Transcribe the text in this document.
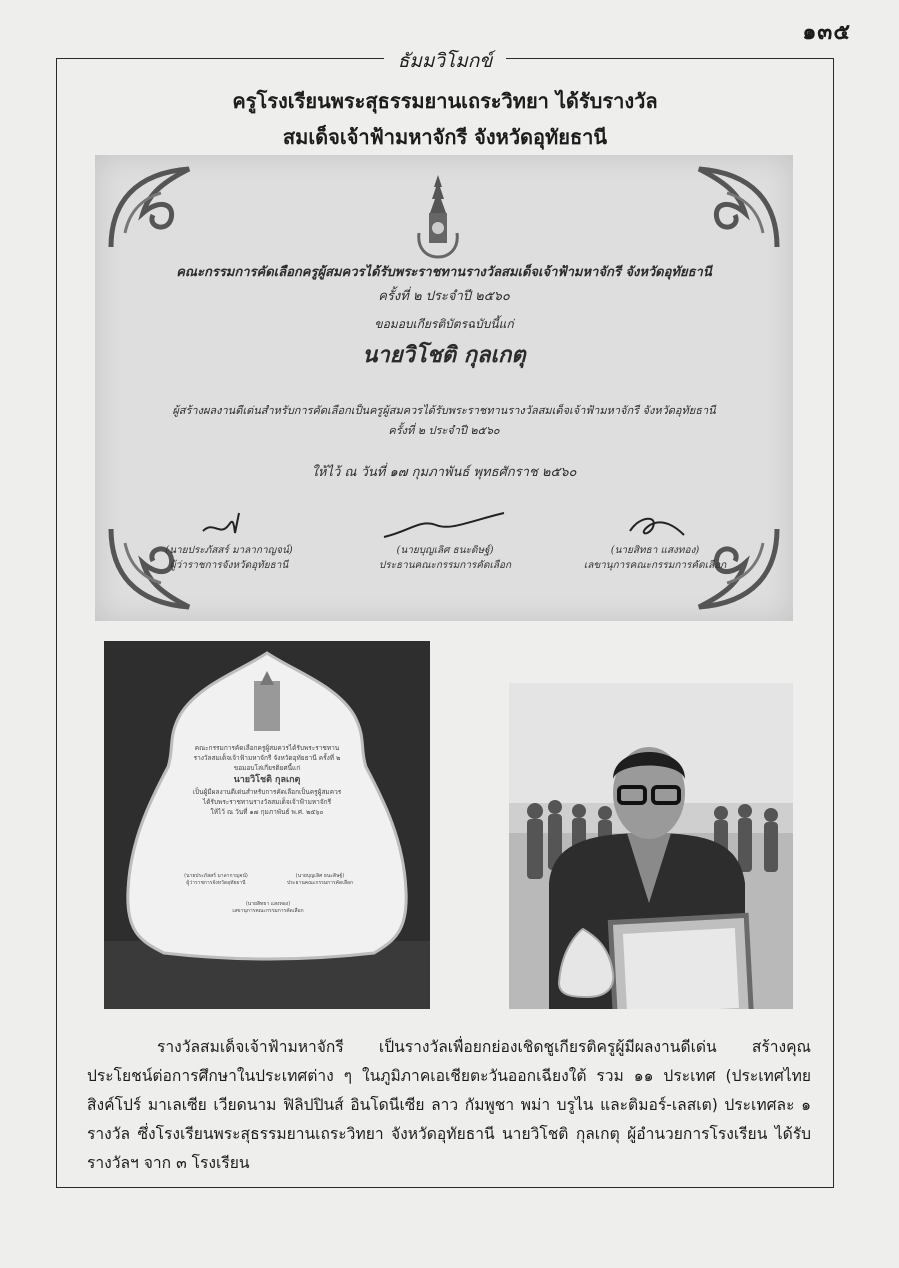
๑๓๕
ธัมมวิโมกข์
ครูโรงเรียนพระสุธรรมยานเถระวิทยา ได้รับรางวัล
สมเด็จเจ้าฟ้ามหาจักรี จังหวัดอุทัยธานี
คณะกรรมการคัดเลือกครูผู้สมควรได้รับพระราชทานรางวัลสมเด็จเจ้าฟ้ามหาจักรี จังหวัดอุทัยธานี
ครั้งที่ ๒ ประจำปี ๒๕๖๐
ขอมอบเกียรติบัตรฉบับนี้แก่
นายวิโชติ กุลเกตุ
ผู้สร้างผลงานดีเด่นสำหรับการคัดเลือกเป็นครูผู้สมควรได้รับพระราชทานรางวัลสมเด็จเจ้าฟ้ามหาจักรี จังหวัดอุทัยธานี
ครั้งที่ ๒ ประจำปี ๒๕๖๐
ให้ไว้ ณ วันที่ ๑๗ กุมภาพันธ์ พุทธศักราช ๒๕๖๐
(นายประภัสสร์ มาลากาญจน์)
ผู้ว่าราชการจังหวัดอุทัยธานี
(นายบุญเลิศ ธนะดิษฐ์)
ประธานคณะกรรมการคัดเลือก
(นายสิทธา แสงทอง)
เลขานุการคณะกรรมการคัดเลือก
คณะกรรมการคัดเลือกครูผู้สมควรได้รับพระราชทาน
รางวัลสมเด็จเจ้าฟ้ามหาจักรี จังหวัดอุทัยธานี ครั้งที่ ๒
ขอมอบโล่เกียรติยศนี้แก่
นายวิโชติ กุลเกตุ
เป็นผู้มีผลงานดีเด่นสำหรับการคัดเลือกเป็นครูผู้สมควร
ได้รับพระราชทานรางวัลสมเด็จเจ้าฟ้ามหาจักรี
ให้ไว้ ณ วันที่ ๑๗ กุมภาพันธ์ พ.ศ. ๒๕๖๐
(นายประภัสสร์ มาลากาญจน์)
ผู้ว่าราชการจังหวัดอุทัยธานี
(นายบุญเลิศ ธนะดิษฐ์)
ประธานคณะกรรมการคัดเลือก
(นายสิทธา แสงทอง)
เลขานุการคณะกรรมการคัดเลือก
รางวัลสมเด็จเจ้าฟ้ามหาจักรี เป็นรางวัลเพื่อยกย่องเชิดชูเกียรติครูผู้มีผลงานดีเด่น สร้างคุณประโยชน์ต่อการศึกษาในประเทศต่าง ๆ ในภูมิภาคเอเชียตะวันออกเฉียงใต้ รวม ๑๑ ประเทศ (ประเทศไทย สิงค์โปร์ มาเลเซีย เวียดนาม ฟิลิปปินส์ อินโดนีเซีย ลาว กัมพูชา พม่า บรูไน และติมอร์-เลสเต) ประเทศละ ๑ รางวัล ซึ่งโรงเรียนพระสุธรรมยานเถระวิทยา จังหวัดอุทัยธานี นายวิโชติ กุลเกตุ ผู้อำนวยการโรงเรียน ได้รับรางวัลฯ จาก ๓ โรงเรียน
